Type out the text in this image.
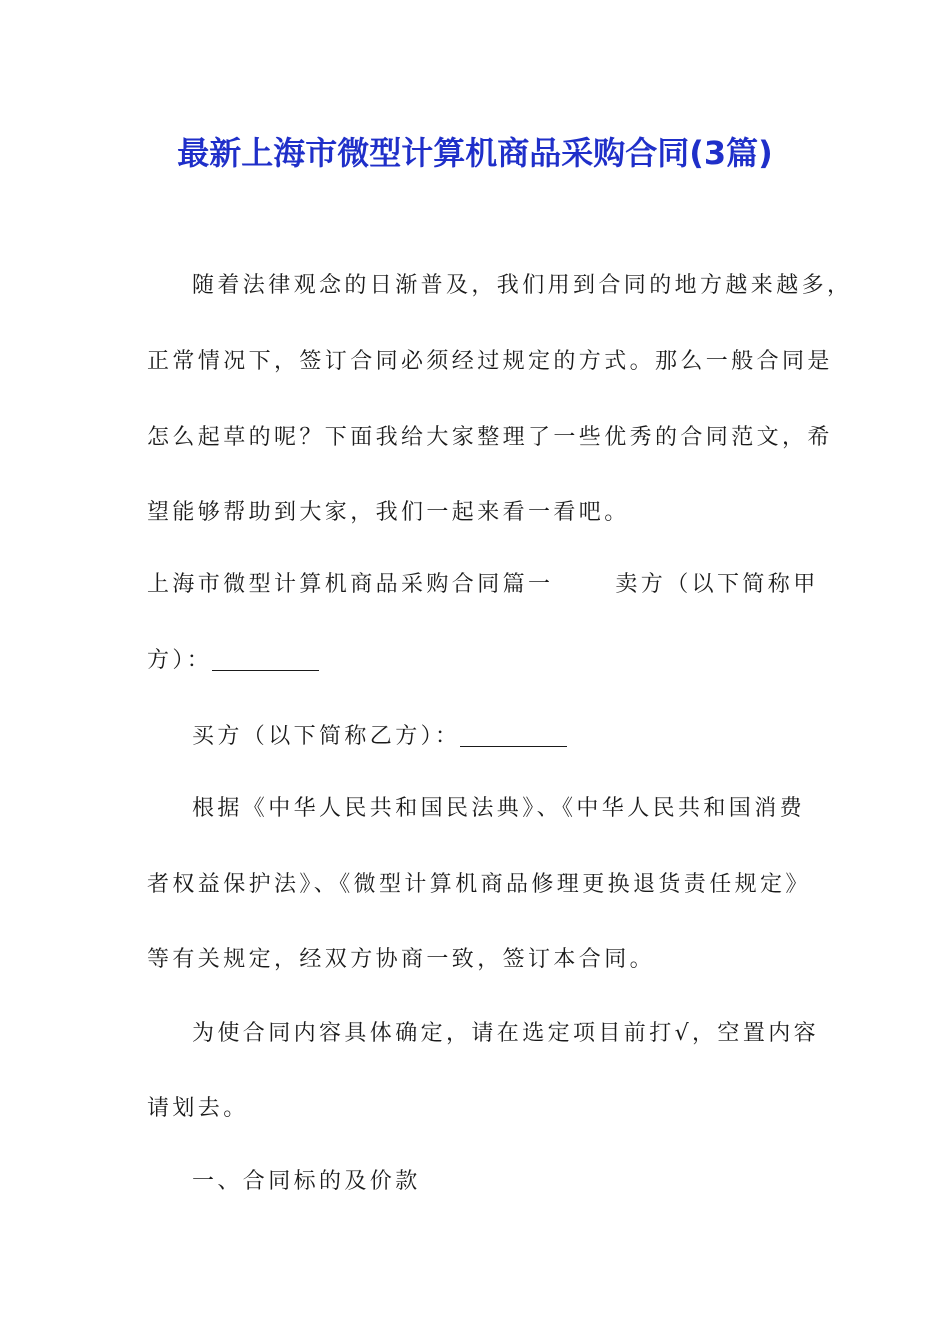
最新上海市微型计算机商品采购合同(3篇)
随着法律观念的日渐普及，我们用到合同的地方越来越多，
正常情况下，签订合同必须经过规定的方式。那么一般合同是
怎么起草的呢？下面我给大家整理了一些优秀的合同范文，希
望能够帮助到大家，我们一起来看一看吧。
上海市微型计算机商品采购合同篇一	卖方（以下简称甲
方）：
买方（以下简称乙方）：
根据《中华人民共和国民法典》、《中华人民共和国消费
者权益保护法》、《微型计算机商品修理更换退货责任规定》
等有关规定，经双方协商一致，签订本合同。
为使合同内容具体确定，请在选定项目前打√，空置内容
请划去。
一、合同标的及价款
